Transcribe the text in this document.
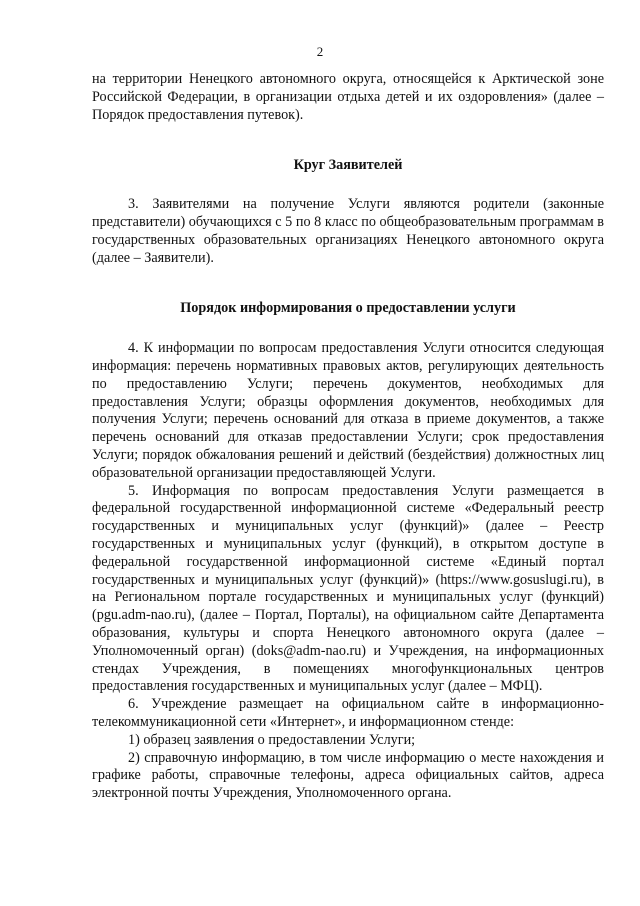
2

на территории Ненецкого автономного округа, относящейся к Арктической зоне Российской Федерации, в организации отдыха детей и их оздоровления» (далее – Порядок предоставления путевок).

Круг Заявителей

3. Заявителями на получение Услуги являются родители (законные представители) обучающихся с 5 по 8 класс по общеобразовательным программам в государственных образовательных организациях Ненецкого автономного округа (далее – Заявители).

Порядок информирования о предоставлении услуги

4. К информации по вопросам предоставления Услуги относится следующая информация: перечень нормативных правовых актов, регулирующих деятельность по предоставлению Услуги; перечень документов, необходимых для предоставления Услуги; образцы оформления документов, необходимых для получения Услуги; перечень оснований для отказа в приеме документов, а также перечень оснований для отказав предоставлении Услуги; срок предоставления Услуги; порядок обжалования решений и действий (бездействия) должностных лиц образовательной организации предоставляющей Услуги.

5. Информация по вопросам предоставления Услуги размещается в федеральной государственной информационной системе «Федеральный реестр государственных и муниципальных услуг (функций)» (далее – Реестр государственных и муниципальных услуг (функций), в открытом доступе в федеральной государственной информационной системе «Единый портал государственных и муниципальных услуг (функций)» (https://www.gosuslugi.ru), в на Региональном портале государственных и муниципальных услуг (функций) (pgu.adm-nao.ru), (далее – Портал, Порталы), на официальном сайте Департамента образования, культуры и спорта Ненецкого автономного округа (далее – Уполномоченный орган) (doks@adm-nao.ru) и Учреждения, на информационных стендах Учреждения, в помещениях многофункциональных центров предоставления государственных и муниципальных услуг (далее – МФЦ).

6. Учреждение размещает на официальном сайте в информационно-телекоммуникационной сети «Интернет», и информационном стенде:

1) образец заявления о предоставлении Услуги;

2) справочную информацию, в том числе информацию о месте нахождения и графике работы, справочные телефоны, адреса официальных сайтов, адреса электронной почты Учреждения, Уполномоченного органа.
